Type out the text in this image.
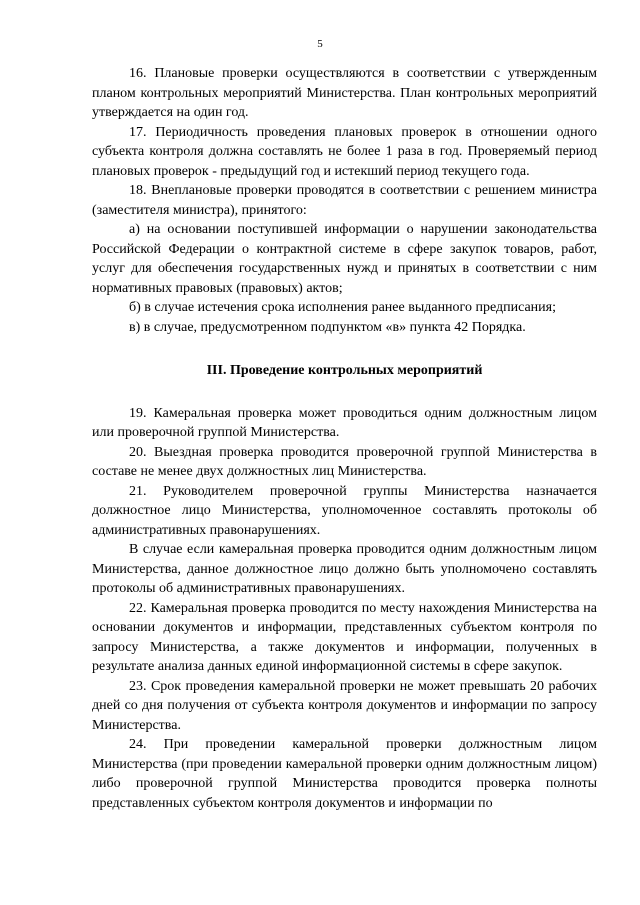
5

16. Плановые проверки осуществляются в соответствии с утвержденным планом контрольных мероприятий Министерства. План контрольных мероприятий утверждается на один год.

17. Периодичность проведения плановых проверок в отношении одного субъекта контроля должна составлять не более 1 раза в год. Проверяемый период плановых проверок - предыдущий год и истекший период текущего года.

18. Внеплановые проверки проводятся в соответствии с решением министра (заместителя министра), принятого:

а) на основании поступившей информации о нарушении законодательства Российской Федерации о контрактной системе в сфере закупок товаров, работ, услуг для обеспечения государственных нужд и принятых в соответствии с ним нормативных правовых (правовых) актов;

б) в случае истечения срока исполнения ранее выданного предписания;

в) в случае, предусмотренном подпунктом «в» пункта 42 Порядка.

III. Проведение контрольных мероприятий

19. Камеральная проверка может проводиться одним должностным лицом или проверочной группой Министерства.

20. Выездная проверка проводится проверочной группой Министерства в составе не менее двух должностных лиц Министерства.

21. Руководителем проверочной группы Министерства назначается должностное лицо Министерства, уполномоченное составлять протоколы об административных правонарушениях.

В случае если камеральная проверка проводится одним должностным лицом Министерства, данное должностное лицо должно быть уполномочено составлять протоколы об административных правонарушениях.

22. Камеральная проверка проводится по месту нахождения Министерства на основании документов и информации, представленных субъектом контроля по запросу Министерства, а также документов и информации, полученных в результате анализа данных единой информационной системы в сфере закупок.

23. Срок проведения камеральной проверки не может превышать 20 рабочих дней со дня получения от субъекта контроля документов и информации по запросу Министерства.

24. При проведении камеральной проверки должностным лицом Министерства (при проведении камеральной проверки одним должностным лицом) либо проверочной группой Министерства проводится проверка полноты представленных субъектом контроля документов и информации по
